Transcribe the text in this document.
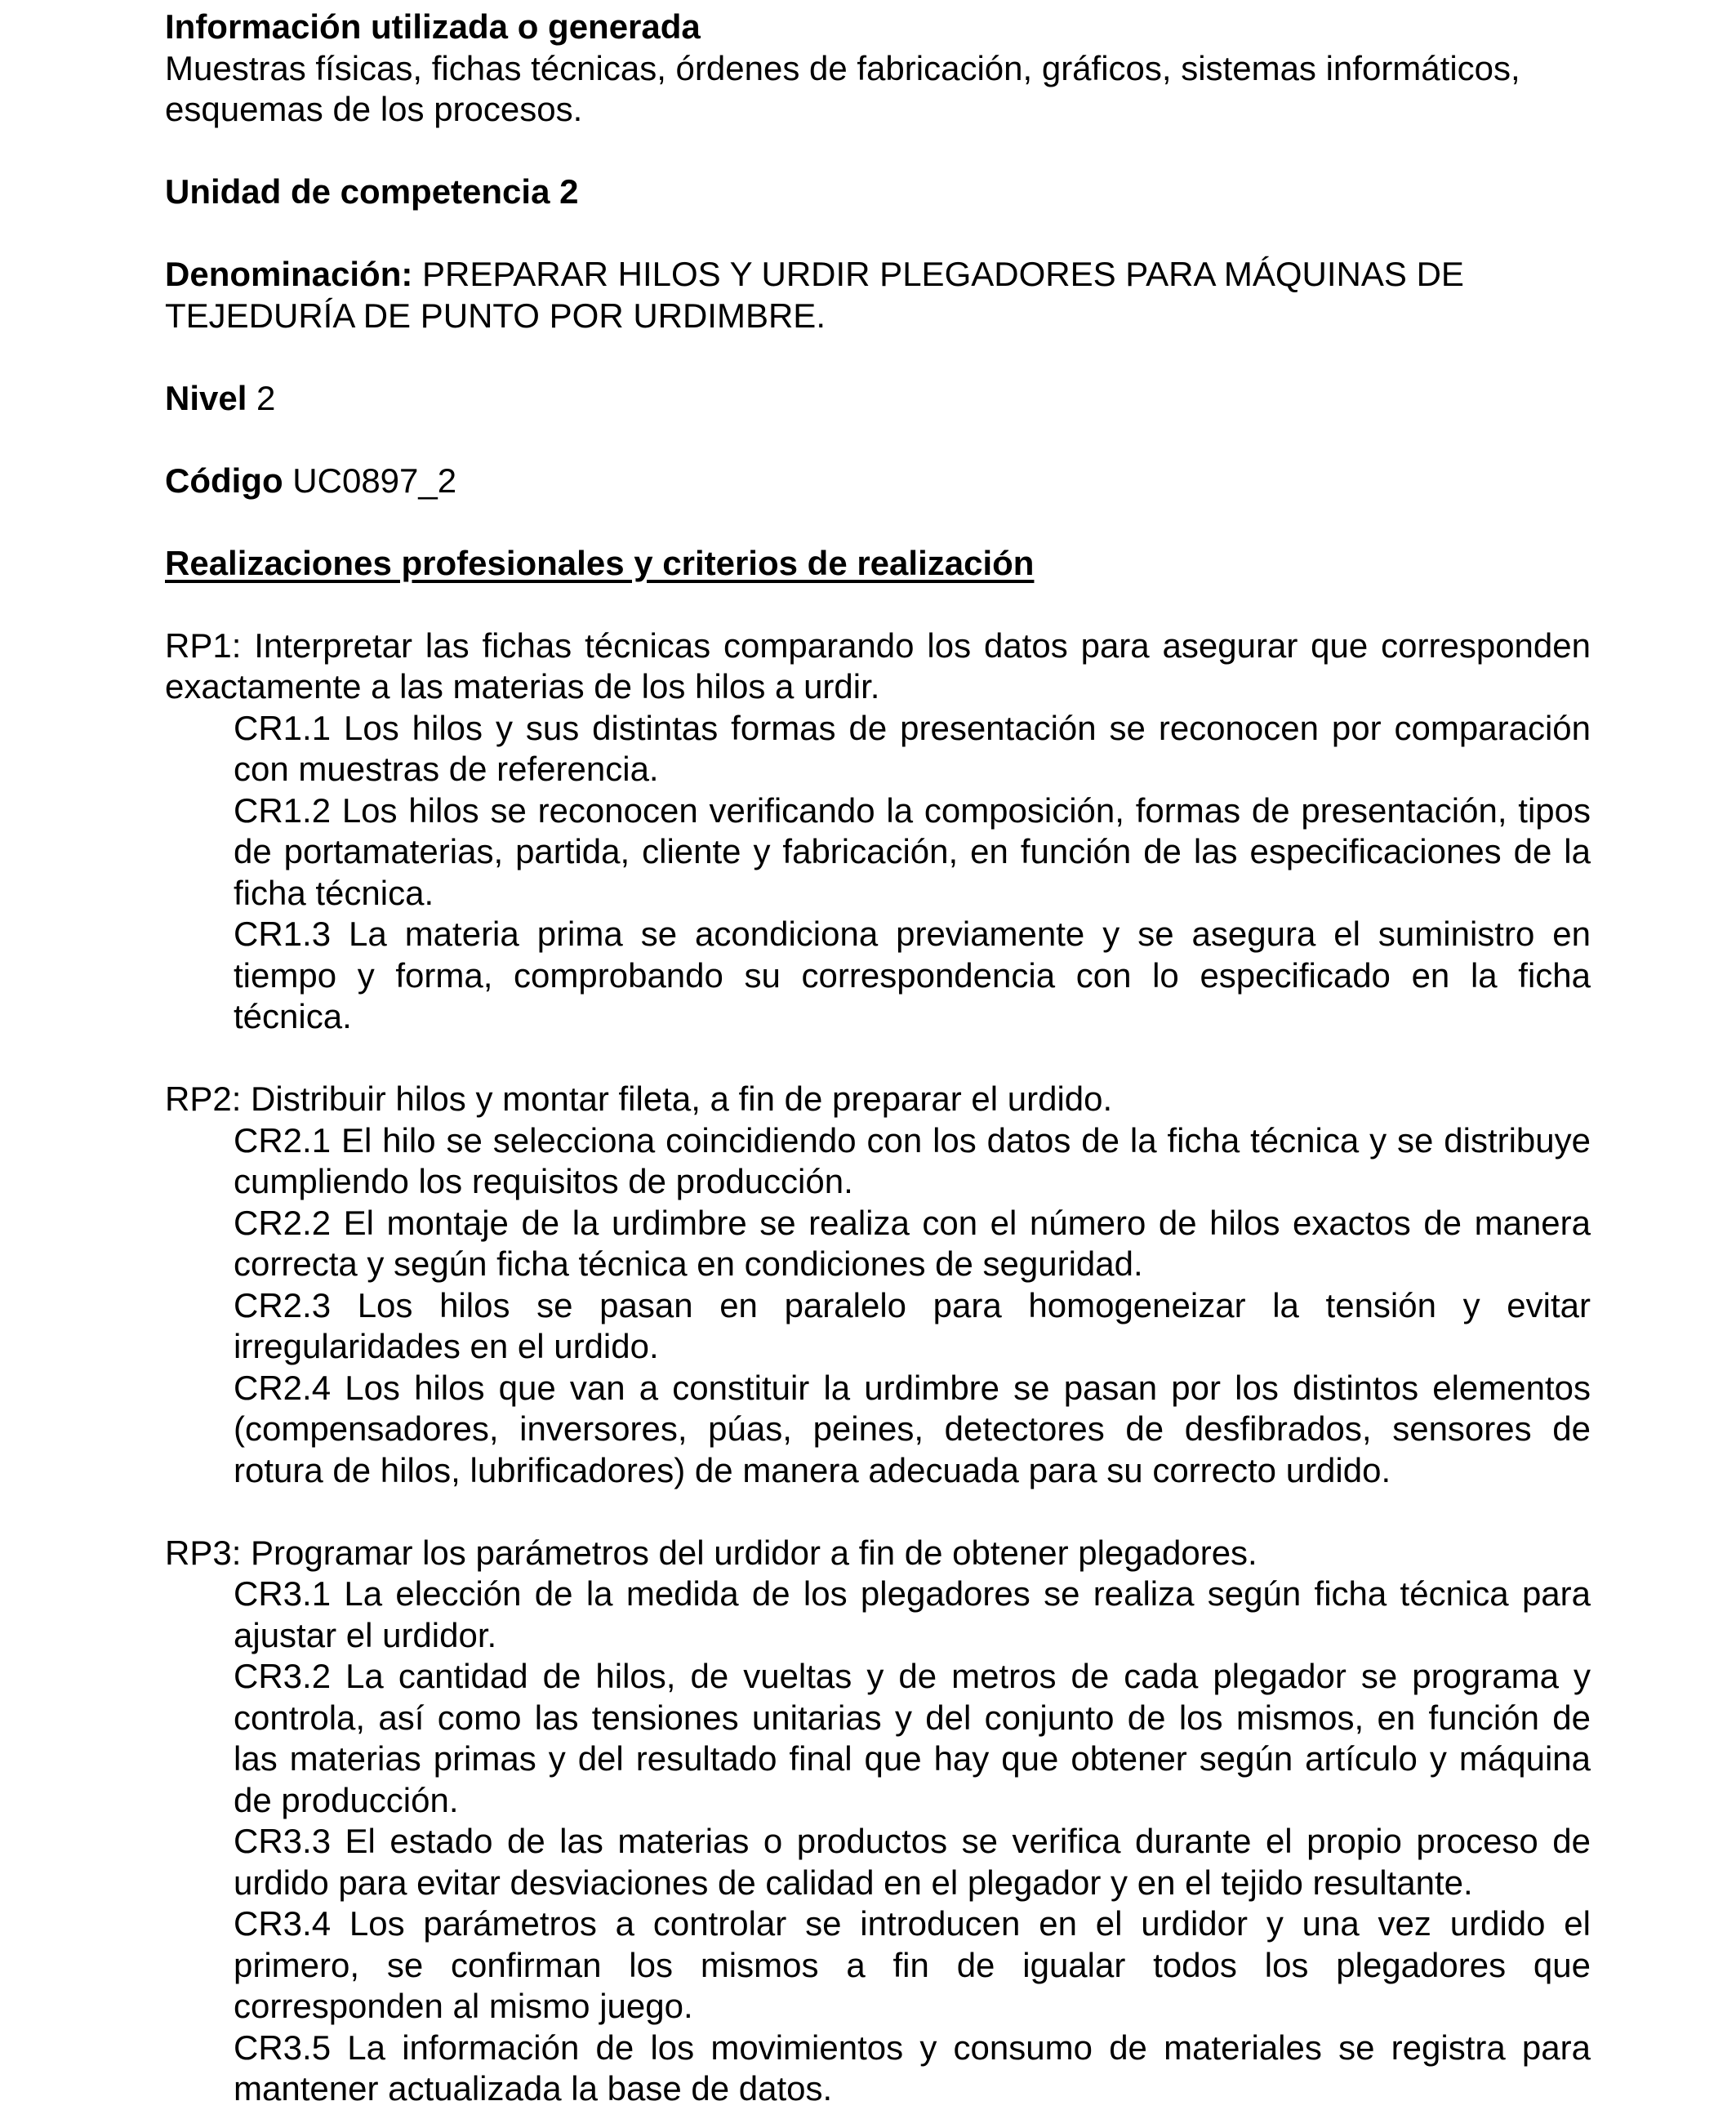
Información utilizada o generada

Muestras físicas, fichas técnicas, órdenes de fabricación, gráficos, sistemas informáticos, esquemas de los procesos.

Unidad de competencia 2

Denominación: PREPARAR HILOS Y URDIR PLEGADORES PARA MÁQUINAS DE TEJEDURÍA DE PUNTO POR URDIMBRE.

Nivel 2

Código UC0897_2

Realizaciones profesionales y criterios de realización

RP1: Interpretar las fichas técnicas comparando los datos para asegurar que corresponden exactamente a las materias de los hilos a urdir.

CR1.1 Los hilos y sus distintas formas de presentación se reconocen por comparación con muestras de referencia.

CR1.2 Los hilos se reconocen verificando la composición, formas de presentación, tipos de portamaterias, partida, cliente y fabricación, en función de las especificaciones de la ficha técnica.

CR1.3 La materia prima se acondiciona previamente y se asegura el suministro en tiempo y forma, comprobando su correspondencia con lo especificado en la ficha técnica.

RP2: Distribuir hilos y montar fileta, a fin de preparar el urdido.

CR2.1 El hilo se selecciona coincidiendo con los datos de la ficha técnica y se distribuye cumpliendo los requisitos de producción.

CR2.2 El montaje de la urdimbre se realiza con el número de hilos exactos de manera correcta y según ficha técnica en condiciones de seguridad.

CR2.3 Los hilos se pasan en paralelo para homogeneizar la tensión y evitar irregularidades en el urdido.

CR2.4 Los hilos que van a constituir la urdimbre se pasan por los distintos elementos (compensadores, inversores, púas, peines, detectores de desfibrados, sensores de rotura de hilos, lubrificadores) de manera adecuada para su correcto urdido.

RP3: Programar los parámetros del urdidor a fin de obtener plegadores.

CR3.1 La elección de la medida de los plegadores se realiza según ficha técnica para ajustar el urdidor.

CR3.2 La cantidad de hilos, de vueltas y de metros de cada plegador se programa y controla, así como las tensiones unitarias y del conjunto de los mismos, en función de las materias primas y del resultado final que hay que obtener según artículo y máquina de producción.

CR3.3 El estado de las materias o productos se verifica durante el propio proceso de urdido para evitar desviaciones de calidad en el plegador y en el tejido resultante.

CR3.4 Los parámetros a controlar se introducen en el urdidor y una vez urdido el primero, se confirman los mismos a fin de igualar todos los plegadores que corresponden al mismo juego.

CR3.5 La información de los movimientos y consumo de materiales se registra para mantener actualizada la base de datos.
